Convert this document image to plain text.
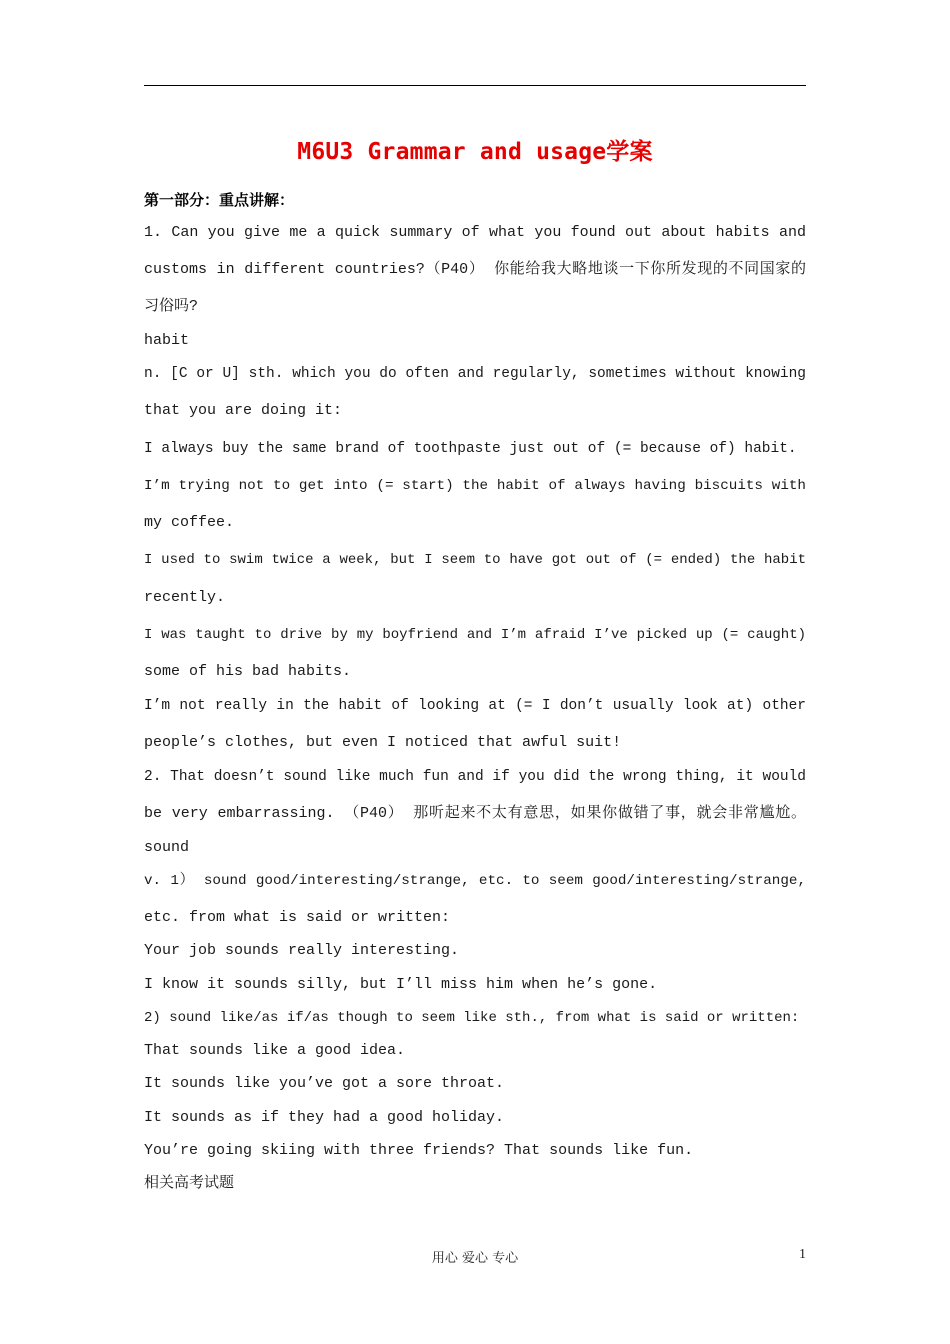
M6U3 Grammar and usage学案
第一部分：重点讲解：
1. Can you give me a quick summary of what you found out about habits and
customs in different countries?（P40） 你能给我大略地谈一下你所发现的不同国家的
习俗吗?
habit
n. [C or U] sth. which you do often and regularly, sometimes without knowing
that you are doing it:
I always buy the same brand of toothpaste just out of (= because of) habit.
I’m trying not to get into (= start) the habit of always having biscuits with
my coffee.
I used to swim twice a week, but I seem to have got out of (= ended) the habit
recently.
I was taught to drive by my boyfriend and I’m afraid I’ve picked up (= caught)
some of his bad habits.
I’m not really in the habit of looking at (= I don’t usually look at) other
people’s clothes, but even I noticed that awful suit!
2. That doesn’t sound like much fun and if you did the wrong thing, it would
be very embarrassing. （P40） 那听起来不太有意思，如果你做错了事，就会非常尴尬。
sound
v. 1） sound good/interesting/strange, etc. to seem good/interesting/strange,
etc. from what is said or written:
Your job sounds really interesting.
I know it sounds silly, but I’ll miss him when he’s gone.
2) sound like/as if/as though to seem like sth., from what is said or written:
That sounds like a good idea.
It sounds like you’ve got a sore throat.
It sounds as if they had a good holiday.
You’re going skiing with three friends? That sounds like fun.
相关高考试题
用心 爱心 专心	1
